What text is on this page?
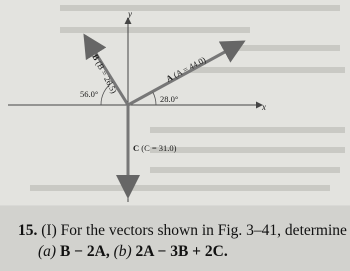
x
y
A (A = 44.0)
B (B = 26.5)
C (C = 31.0)
28.0°
56.0°
15. (I) For the vectors shown in Fig. 3–41, determine
(a) B − 2A, (b) 2A − 3B + 2C.
